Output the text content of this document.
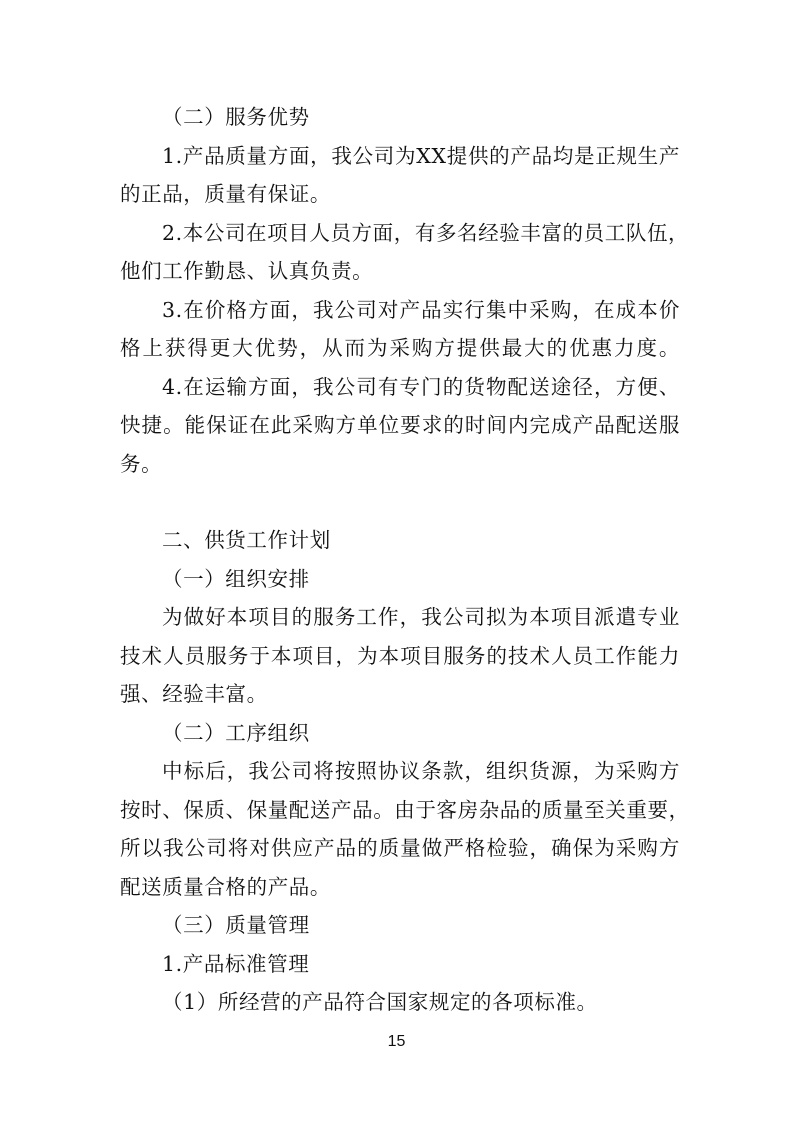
（二）服务优势
1.产品质量方面，我公司为XX提供的产品均是正规生产
的正品，质量有保证。
2.本公司在项目人员方面，有多名经验丰富的员工队伍，
他们工作勤恳、认真负责。
3.在价格方面，我公司对产品实行集中采购，在成本价
格上获得更大优势，从而为采购方提供最大的优惠力度。
4.在运输方面，我公司有专门的货物配送途径，方便、
快捷。能保证在此采购方单位要求的时间内完成产品配送服
务。
二、供货工作计划
（一）组织安排
为做好本项目的服务工作，我公司拟为本项目派遣专业
技术人员服务于本项目，为本项目服务的技术人员工作能力
强、经验丰富。
（二）工序组织
中标后，我公司将按照协议条款，组织货源，为采购方
按时、保质、保量配送产品。由于客房杂品的质量至关重要，
所以我公司将对供应产品的质量做严格检验，确保为采购方
配送质量合格的产品。
（三）质量管理
1.产品标准管理
（1）所经营的产品符合国家规定的各项标准。
15
